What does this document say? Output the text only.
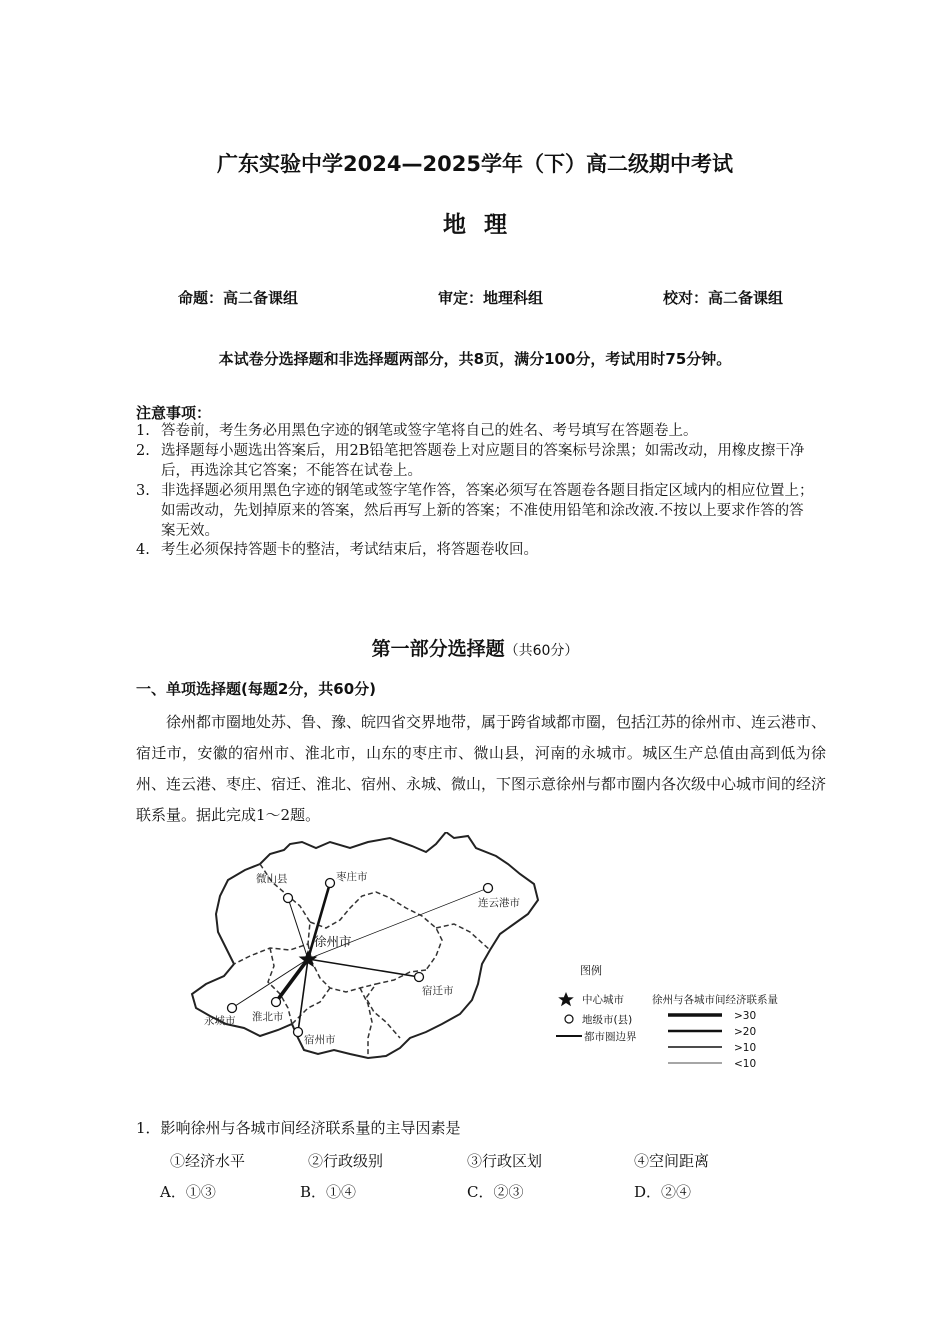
广东实验中学2024—2025学年（下）高二级期中考试
地理
命题：高二备课组	审定：地理科组	校对：高二备课组
本试卷分选择题和非选择题两部分，共8页，满分100分，考试用时75分钟。
注意事项：
1. 答卷前，考生务必用黑色字迹的钢笔或签字笔将自己的姓名、考号填写在答题卷上。
2. 选择题每小题选出答案后，用2B铅笔把答题卷上对应题目的答案标号涂黑；如需改动，用橡皮擦干净后，再选涂其它答案；不能答在试卷上。
3. 非选择题必须用黑色字迹的钢笔或签字笔作答，答案必须写在答题卷各题目指定区域内的相应位置上；如需改动，先划掉原来的答案，然后再写上新的答案；不准使用铅笔和涂改液.不按以上要求作答的答案无效。
4. 考生必须保持答题卡的整洁，考试结束后，将答题卷收回。
第一部分选择题（共60分）
一、单项选择题(每题2分，共60分)
徐州都市圈地处苏、鲁、豫、皖四省交界地带，属于跨省域都市圈，包括江苏的徐州市、连云港市、宿迁市，安徽的宿州市、淮北市，山东的枣庄市、微山县，河南的永城市。城区生产总值由高到低为徐州、连云港、枣庄、宿迁、淮北、宿州、永城、微山，下图示意徐州与都市圈内各次级中心城市间的经济联系量。据此完成1～2题。
徐州市
微山县	枣庄市
连云港市
宿迁市
永城市 淮北市
宿州市
图例
中心城市
地级市(县)
都市圈边界
徐州与各城市间经济联系量
>30
>20
>10
<10
1．影响徐州与各城市间经济联系量的主导因素是
①经济水平	②行政级别	③行政区划	④空间距离
A．①③	B．①④	C．②③	D．②④
